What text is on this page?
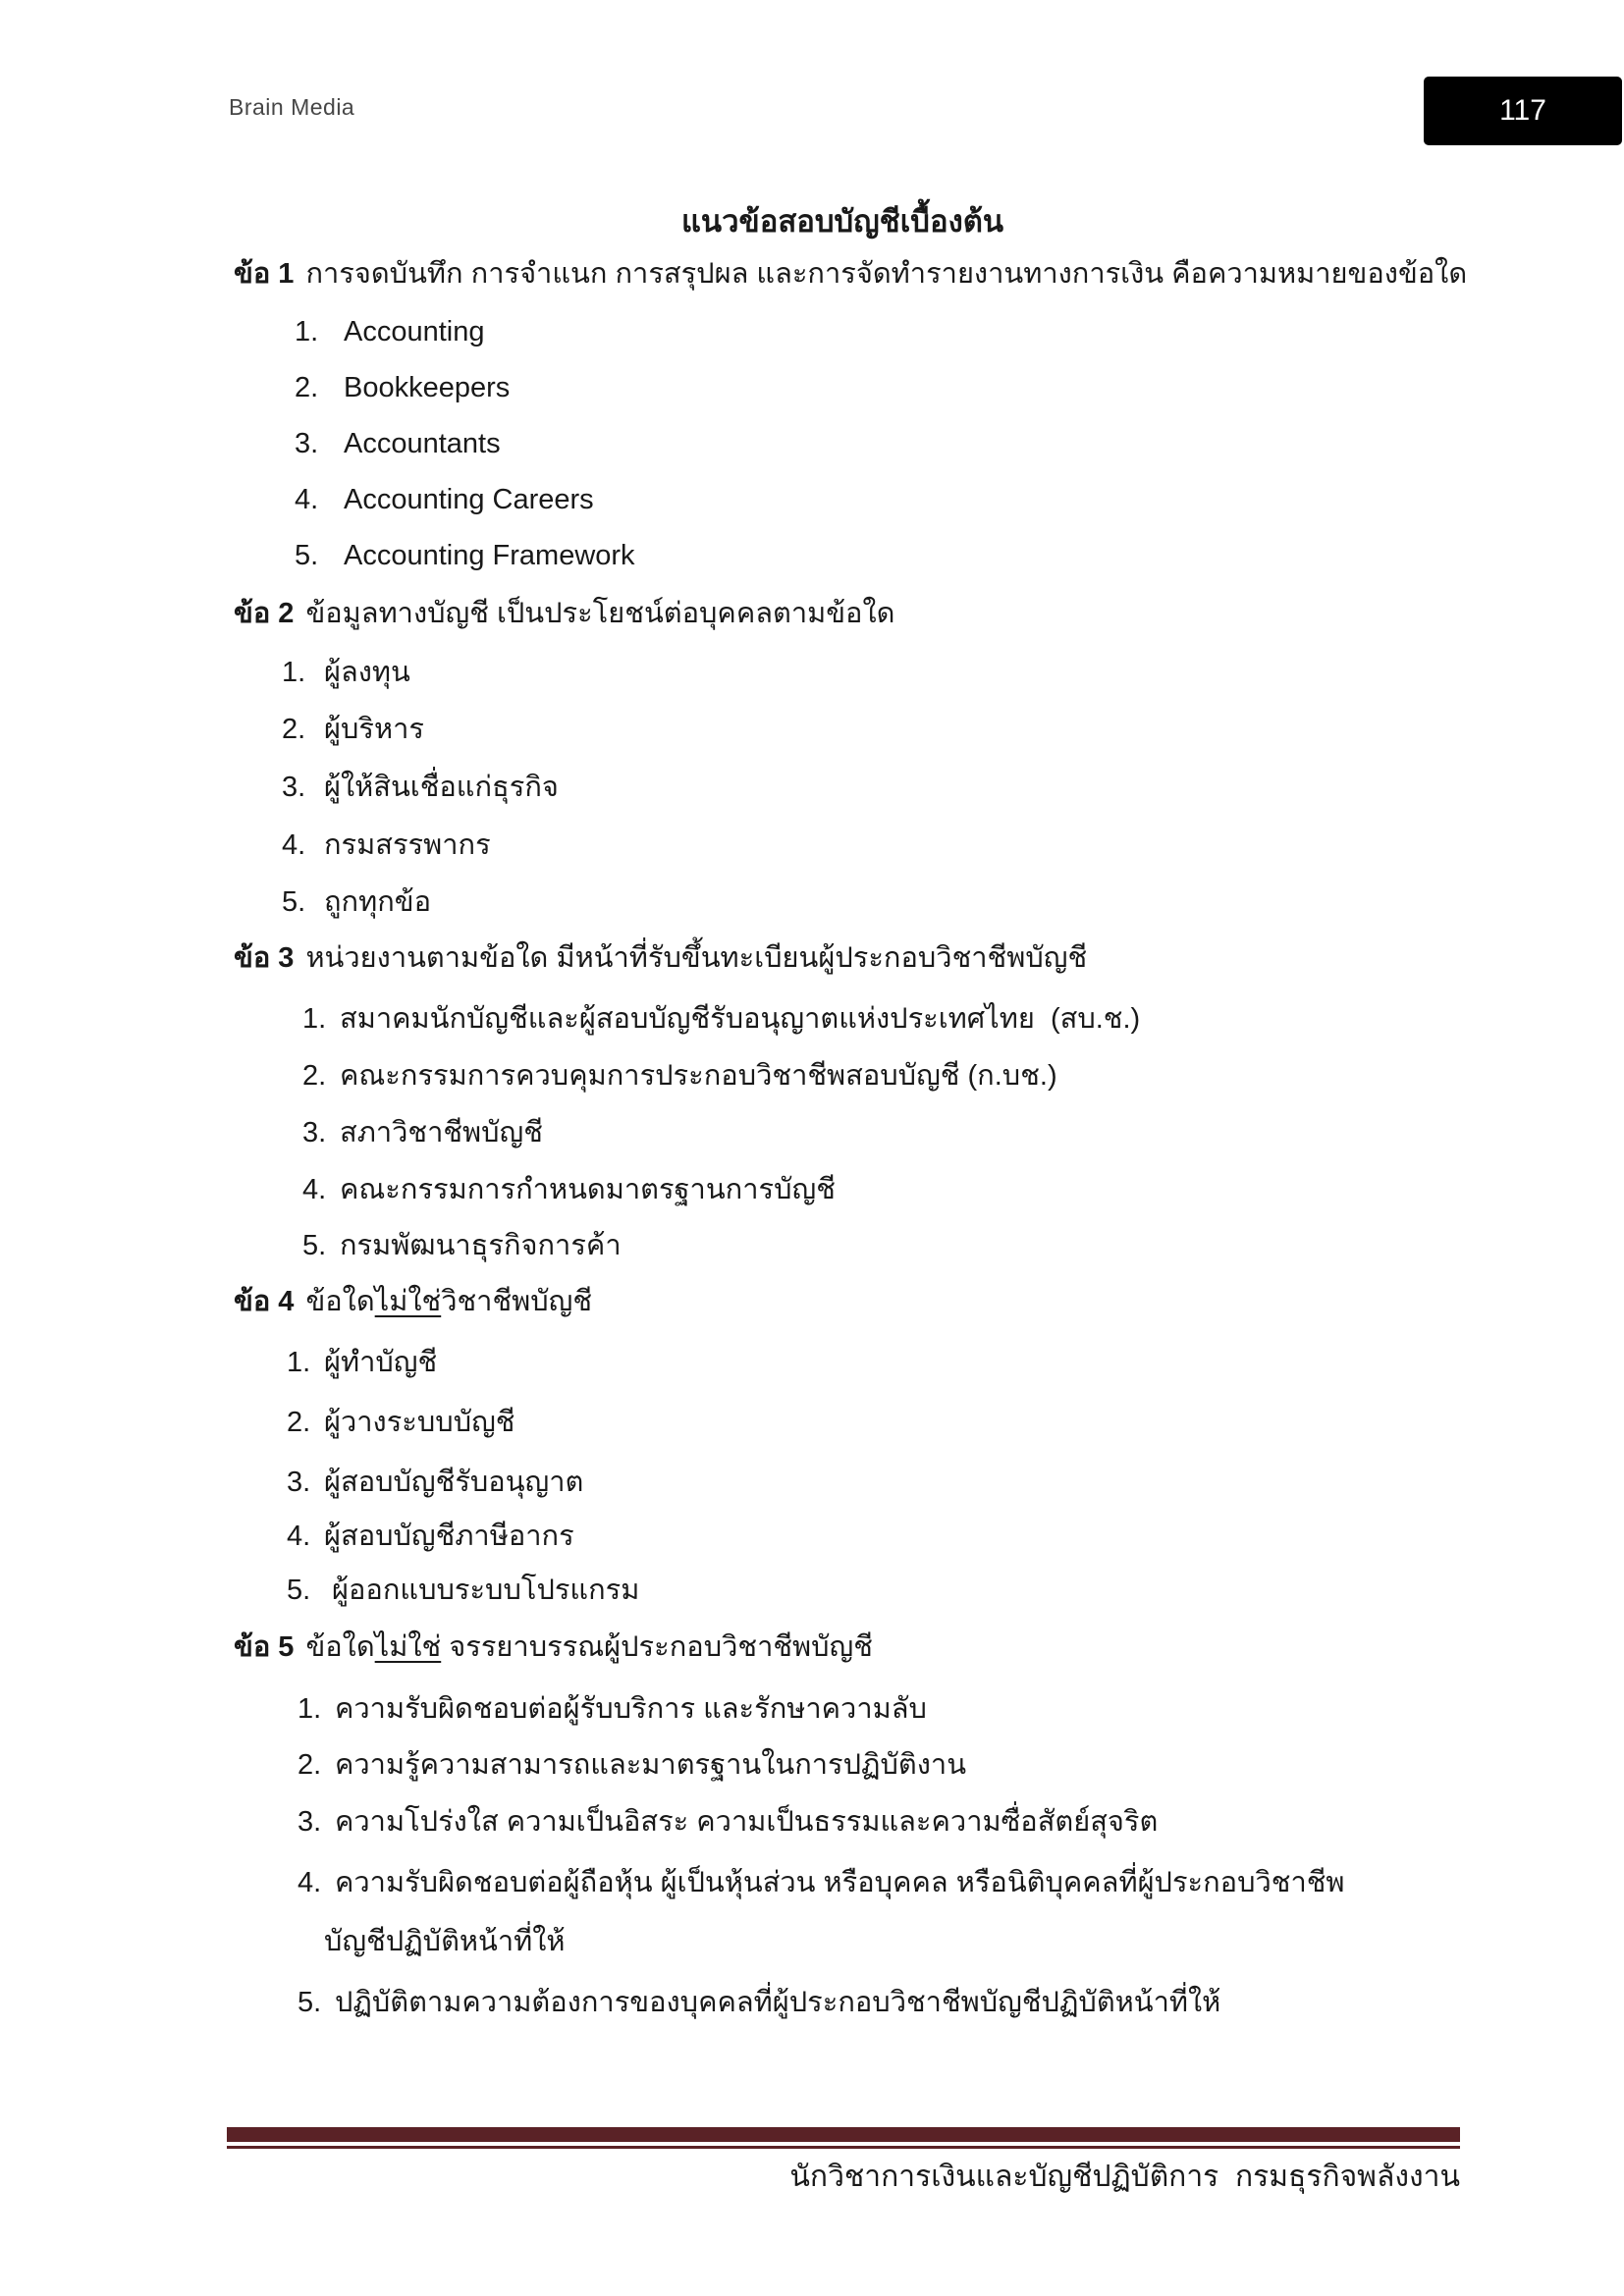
Brain Media	117
แนวข้อสอบบัญชีเบื้องต้น
ข้อ 1 การจดบันทึก การจำแนก การสรุปผล และการจัดทำรายงานทางการเงิน คือความหมายของข้อใด
1. Accounting
2. Bookkeepers
3. Accountants
4. Accounting Careers
5. Accounting Framework
ข้อ 2 ข้อมูลทางบัญชี เป็นประโยชน์ต่อบุคคลตามข้อใด
1. ผู้ลงทุน
2. ผู้บริหาร
3. ผู้ให้สินเชื่อแก่ธุรกิจ
4. กรมสรรพากร
5. ถูกทุกข้อ
ข้อ 3 หน่วยงานตามข้อใด มีหน้าที่รับขึ้นทะเบียนผู้ประกอบวิชาชีพบัญชี
1. สมาคมนักบัญชีและผู้สอบบัญชีรับอนุญาตแห่งประเทศไทย  (สบ.ช.)
2. คณะกรรมการควบคุมการประกอบวิชาชีพสอบบัญชี (ก.บช.)
3. สภาวิชาชีพบัญชี
4. คณะกรรมการกำหนดมาตรฐานการบัญชี
5. กรมพัฒนาธุรกิจการค้า
ข้อ 4 ข้อใดไม่ใช่วิชาชีพบัญชี
1. ผู้ทำบัญชี
2. ผู้วางระบบบัญชี
3. ผู้สอบบัญชีรับอนุญาต
4. ผู้สอบบัญชีภาษีอากร
5. ผู้ออกแบบระบบโปรแกรม
ข้อ 5 ข้อใดไม่ใช่ จรรยาบรรณผู้ประกอบวิชาชีพบัญชี
1. ความรับผิดชอบต่อผู้รับบริการ และรักษาความลับ
2. ความรู้ความสามารถและมาตรฐานในการปฏิบัติงาน
3. ความโปร่งใส ความเป็นอิสระ ความเป็นธรรมและความซื่อสัตย์สุจริต
4. ความรับผิดชอบต่อผู้ถือหุ้น ผู้เป็นหุ้นส่วน หรือบุคคล หรือนิติบุคคลที่ผู้ประกอบวิชาชีพ
บัญชีปฏิบัติหน้าที่ให้
5. ปฏิบัติตามความต้องการของบุคคลที่ผู้ประกอบวิชาชีพบัญชีปฏิบัติหน้าที่ให้
นักวิชาการเงินและบัญชีปฏิบัติการ  กรมธุรกิจพลังงาน
